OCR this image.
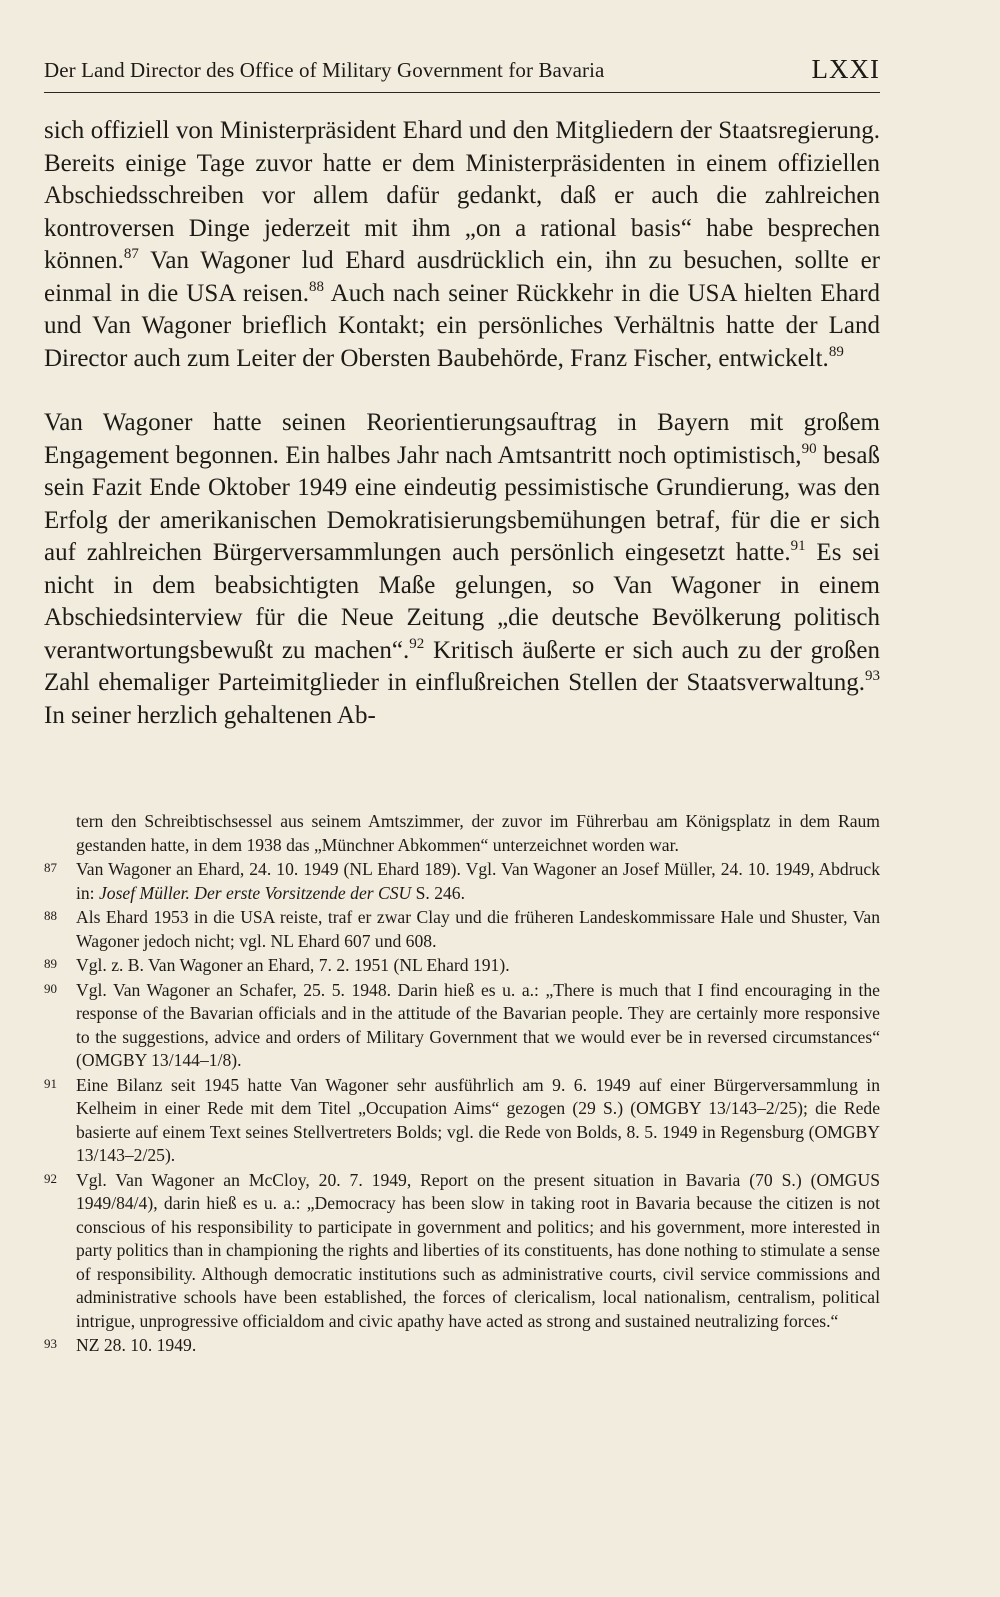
Der Land Director des Office of Military Government for Bavaria	LXXI

sich offiziell von Ministerpräsident Ehard und den Mitgliedern der Staatsregierung. Bereits einige Tage zuvor hatte er dem Ministerpräsidenten in einem offiziellen Abschiedsschreiben vor allem dafür gedankt, daß er auch die zahlreichen kontroversen Dinge jederzeit mit ihm „on a rational basis“ habe besprechen können.$^{87}$ Van Wagoner lud Ehard ausdrücklich ein, ihn zu besuchen, sollte er einmal in die USA reisen.$^{88}$ Auch nach seiner Rückkehr in die USA hielten Ehard und Van Wagoner brieflich Kontakt; ein persönliches Verhältnis hatte der Land Director auch zum Leiter der Obersten Baubehörde, Franz Fischer, entwickelt.$^{89}$

Van Wagoner hatte seinen Reorientierungsauftrag in Bayern mit großem Engagement begonnen. Ein halbes Jahr nach Amtsantritt noch optimistisch,$^{90}$ besaß sein Fazit Ende Oktober 1949 eine eindeutig pessimistische Grundierung, was den Erfolg der amerikanischen Demokratisierungsbemühungen betraf, für die er sich auf zahlreichen Bürgerversammlungen auch persönlich eingesetzt hatte.$^{91}$ Es sei nicht in dem beabsichtigten Maße gelungen, so Van Wagoner in einem Abschiedsinterview für die Neue Zeitung „die deutsche Bevölkerung politisch verantwortungsbewußt zu machen“.$^{92}$ Kritisch äußerte er sich auch zu der großen Zahl ehemaliger Parteimitglieder in einflußreichen Stellen der Staatsverwaltung.$^{93}$ In seiner herzlich gehaltenen Ab-

tern den Schreibtischsessel aus seinem Amtszimmer, der zuvor im Führerbau am Königsplatz in dem Raum gestanden hatte, in dem 1938 das „Münchner Abkommen“ unterzeichnet worden war.
87	Van Wagoner an Ehard, 24. 10. 1949 (NL Ehard 189). Vgl. Van Wagoner an Josef Müller, 24. 10. 1949, Abdruck in: Josef Müller. Der erste Vorsitzende der CSU S. 246.
88	Als Ehard 1953 in die USA reiste, traf er zwar Clay und die früheren Landeskommissare Hale und Shuster, Van Wagoner jedoch nicht; vgl. NL Ehard 607 und 608.
89	Vgl. z. B. Van Wagoner an Ehard, 7. 2. 1951 (NL Ehard 191).
90	Vgl. Van Wagoner an Schafer, 25. 5. 1948. Darin hieß es u. a.: „There is much that I find encouraging in the response of the Bavarian officials and in the attitude of the Bavarian people. They are certainly more responsive to the suggestions, advice and orders of Military Government that we would ever be in reversed circumstances“ (OMGBY 13/144–1/8).
91	Eine Bilanz seit 1945 hatte Van Wagoner sehr ausführlich am 9. 6. 1949 auf einer Bürgerversammlung in Kelheim in einer Rede mit dem Titel „Occupation Aims“ gezogen (29 S.) (OMGBY 13/143–2/25); die Rede basierte auf einem Text seines Stellvertreters Bolds; vgl. die Rede von Bolds, 8. 5. 1949 in Regensburg (OMGBY 13/143–2/25).
92	Vgl. Van Wagoner an McCloy, 20. 7. 1949, Report on the present situation in Bavaria (70 S.) (OMGUS 1949/84/4), darin hieß es u. a.: „Democracy has been slow in taking root in Bavaria because the citizen is not conscious of his responsibility to participate in government and politics; and his government, more interested in party politics than in championing the rights and liberties of its constituents, has done nothing to stimulate a sense of responsibility. Although democratic institutions such as administrative courts, civil service commissions and administrative schools have been established, the forces of clericalism, local nationalism, centralism, political intrigue, unprogressive officialdom and civic apathy have acted as strong and sustained neutralizing forces.“
93	NZ 28. 10. 1949.
